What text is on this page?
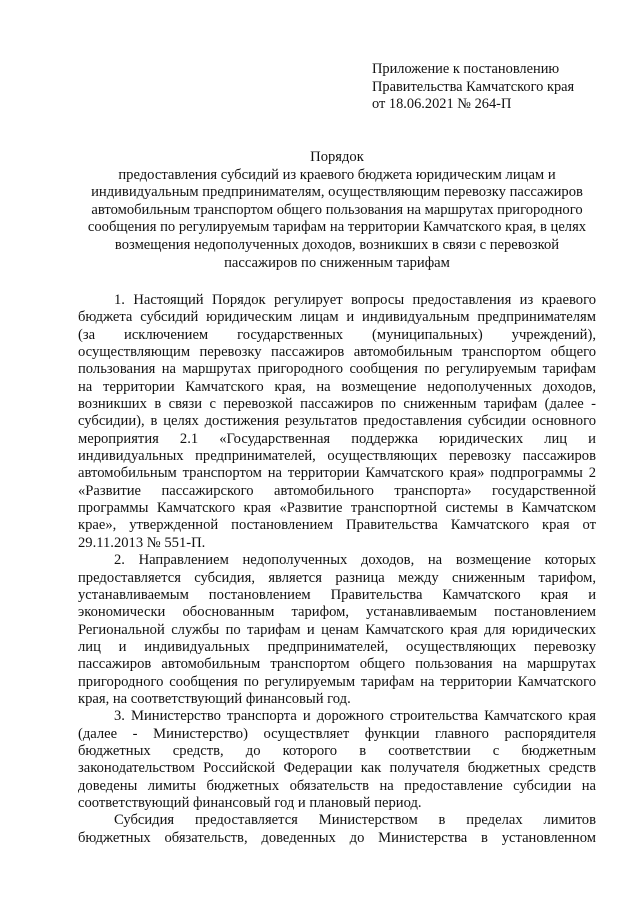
Приложение к постановлению
Правительства Камчатского края
от 18.06.2021 № 264-П
Порядок
предоставления субсидий из краевого бюджета юридическим лицам и
индивидуальным предпринимателям, осуществляющим перевозку пассажиров
автомобильным транспортом общего пользования на маршрутах пригородного
сообщения по регулируемым тарифам на территории Камчатского края, в целях
возмещения недополученных доходов, возникших в связи с перевозкой
пассажиров по сниженным тарифам
1. Настоящий Порядок регулирует вопросы предоставления из краевого
бюджета субсидий юридическим лицам и индивидуальным предпринимателям
(за исключением государственных (муниципальных) учреждений),
осуществляющим перевозку пассажиров автомобильным транспортом общего
пользования на маршрутах пригородного сообщения по регулируемым тарифам
на территории Камчатского края, на возмещение недополученных доходов,
возникших в связи с перевозкой пассажиров по сниженным тарифам (далее -
субсидии), в целях достижения результатов предоставления субсидии основного
мероприятия 2.1 «Государственная поддержка юридических лиц и
индивидуальных предпринимателей, осуществляющих перевозку пассажиров
автомобильным транспортом на территории Камчатского края» подпрограммы 2
«Развитие пассажирского автомобильного транспорта» государственной
программы Камчатского края «Развитие транспортной системы в Камчатском
крае», утвержденной постановлением Правительства Камчатского края от
29.11.2013 № 551-П.
2. Направлением недополученных доходов, на возмещение которых
предоставляется субсидия, является разница между сниженным тарифом,
устанавливаемым постановлением Правительства Камчатского края и
экономически обоснованным тарифом, устанавливаемым постановлением
Региональной службы по тарифам и ценам Камчатского края для юридических
лиц и индивидуальных предпринимателей, осуществляющих перевозку
пассажиров автомобильным транспортом общего пользования на маршрутах
пригородного сообщения по регулируемым тарифам на территории Камчатского
края, на соответствующий финансовый год.
3. Министерство транспорта и дорожного строительства Камчатского края
(далее - Министерство) осуществляет функции главного распорядителя
бюджетных средств, до которого в соответствии с бюджетным
законодательством Российской Федерации как получателя бюджетных средств
доведены лимиты бюджетных обязательств на предоставление субсидии на
соответствующий финансовый год и плановый период.
Субсидия предоставляется Министерством в пределах лимитов
бюджетных обязательств, доведенных до Министерства в установленном
